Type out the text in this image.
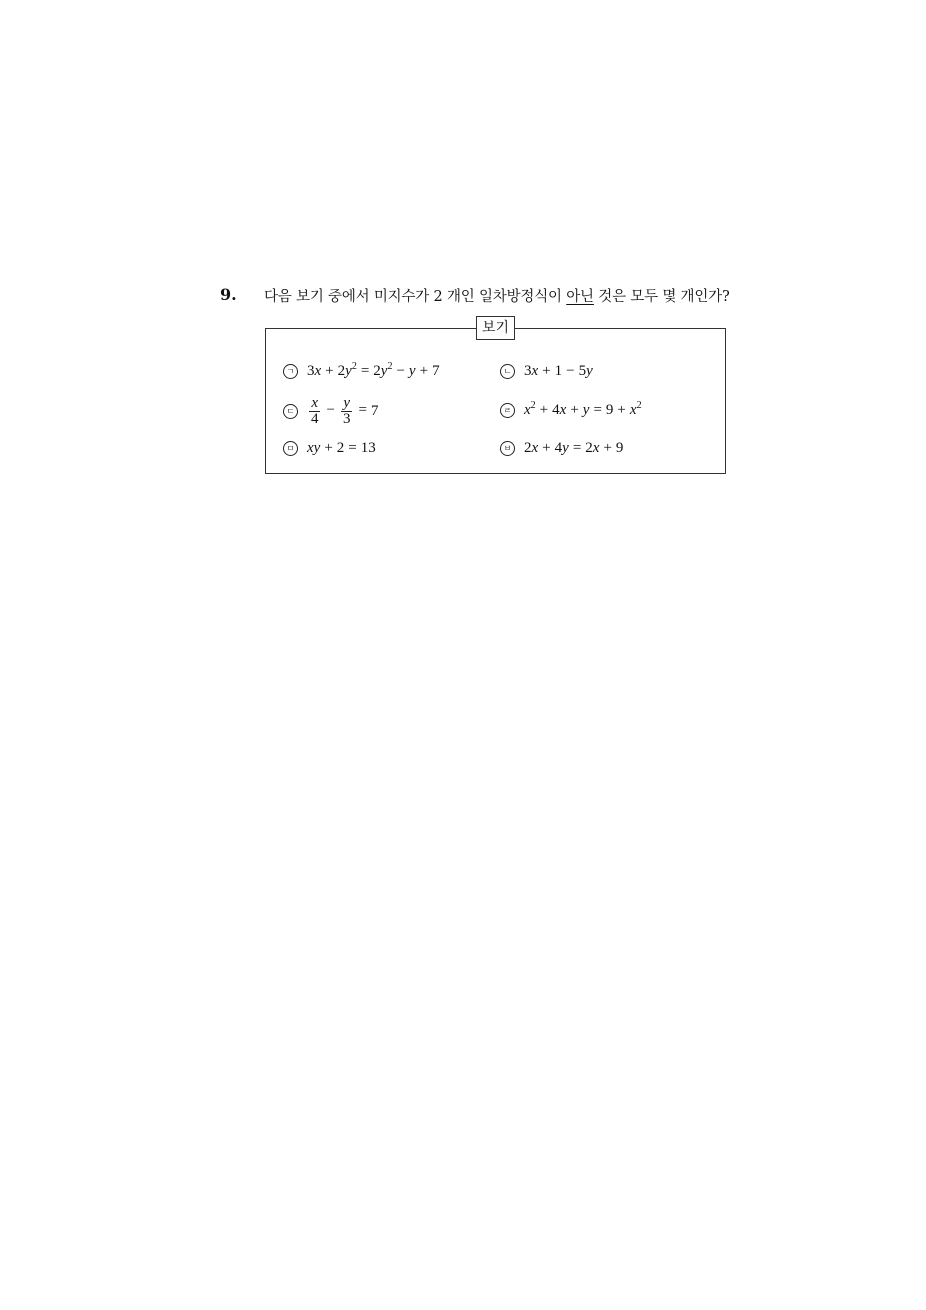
9. 다음 보기 중에서 미지수가 2 개인 일차방정식이 아닌 것은 모두 몇 개인가?
보기
ㄱ $3x + 2y^2 = 2y^2 - y + 7$	ㄴ 3x + 1 − 5y
ㄷ $\frac{x}{4} - \frac{y}{3} = 7$	ㄹ $x^2 + 4x + y = 9 + x^2$
ㅁ xy + 2 = 13	ㅂ 2x + 4y = 2x + 9
